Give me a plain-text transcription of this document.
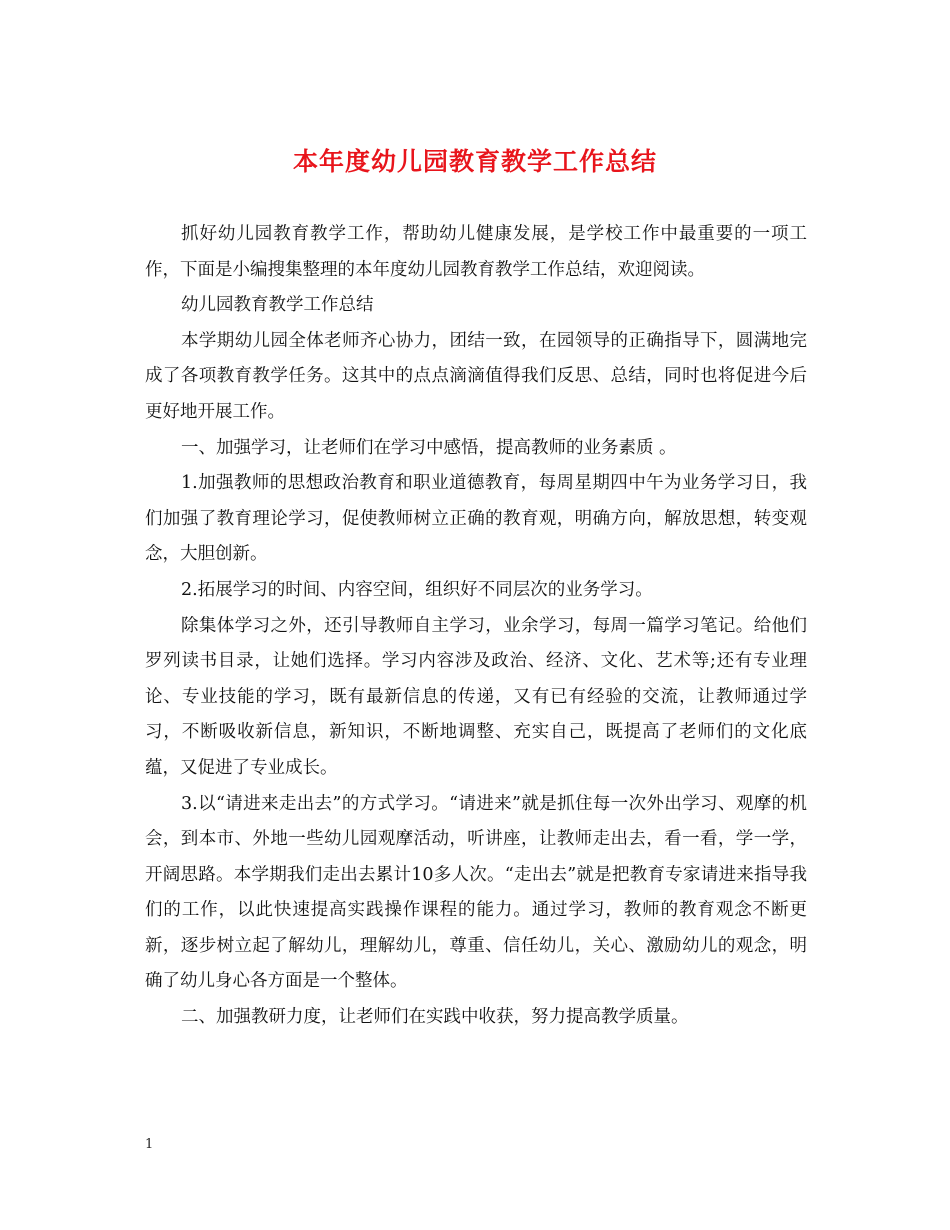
本年度幼儿园教育教学工作总结

抓好幼儿园教育教学工作，帮助幼儿健康发展，是学校工作中最重要的一项工作，下面是小编搜集整理的本年度幼儿园教育教学工作总结，欢迎阅读。

幼儿园教育教学工作总结

本学期幼儿园全体老师齐心协力，团结一致，在园领导的正确指导下，圆满地完成了各项教育教学任务。这其中的点点滴滴值得我们反思、总结，同时也将促进今后更好地开展工作。

一、加强学习，让老师们在学习中感悟，提高教师的业务素质 。

1.加强教师的思想政治教育和职业道德教育，每周星期四中午为业务学习日，我们加强了教育理论学习，促使教师树立正确的教育观，明确方向，解放思想，转变观念，大胆创新。

2.拓展学习的时间、内容空间，组织好不同层次的业务学习。

除集体学习之外，还引导教师自主学习，业余学习，每周一篇学习笔记。给他们罗列读书目录，让她们选择。学习内容涉及政治、经济、文化、艺术等;还有专业理论、专业技能的学习，既有最新信息的传递，又有已有经验的交流，让教师通过学习，不断吸收新信息，新知识，不断地调整、充实自己，既提高了老师们的文化底蕴，又促进了专业成长。

3.以“请进来走出去”的方式学习。“请进来”就是抓住每一次外出学习、观摩的机会，到本市、外地一些幼儿园观摩活动，听讲座，让教师走出去，看一看，学一学，开阔思路。本学期我们走出去累计10多人次。“走出去”就是把教育专家请进来指导我们的工作，以此快速提高实践操作课程的能力。通过学习，教师的教育观念不断更新，逐步树立起了解幼儿，理解幼儿，尊重、信任幼儿，关心、激励幼儿的观念，明确了幼儿身心各方面是一个整体。

二、加强教研力度，让老师们在实践中收获，努力提高教学质量。

1
